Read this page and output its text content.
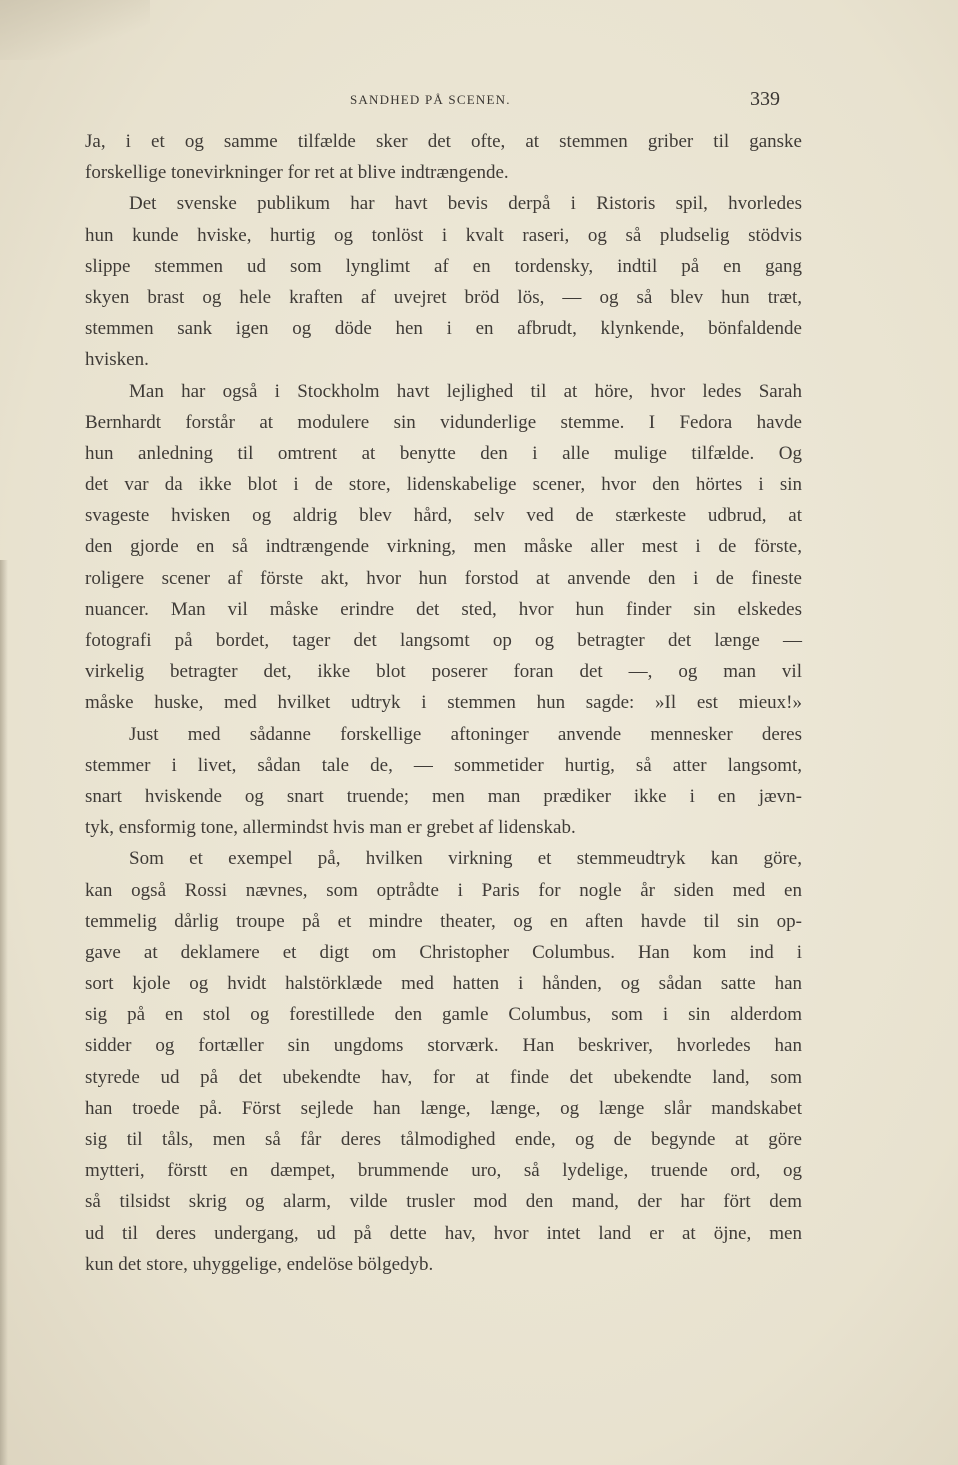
SANDHED PÅ SCENEN.	339
Ja, i et og samme tilfælde sker det ofte, at stemmen griber til ganske
forskellige tonevirkninger for ret at blive indtrængende.
Det svenske publikum har havt bevis derpå i Ristoris spil, hvorledes
hun kunde hviske, hurtig og tonlöst i kvalt raseri, og så pludselig stödvis
slippe stemmen ud som lynglimt af en tordensky, indtil på en gang
skyen brast og hele kraften af uvejret bröd lös, — og så blev hun træt,
stemmen sank igen og döde hen i en afbrudt, klynkende, bönfaldende
hvisken.
Man har også i Stockholm havt lejlighed til at höre, hvor ledes Sarah
Bernhardt forstår at modulere sin vidunderlige stemme. I Fedora havde
hun anledning til omtrent at benytte den i alle mulige tilfælde. Og
det var da ikke blot i de store, lidenskabelige scener, hvor den hörtes i sin
svageste hvisken og aldrig blev hård, selv ved de stærkeste udbrud, at
den gjorde en så indtrængende virkning, men måske aller mest i de förste,
roligere scener af förste akt, hvor hun forstod at anvende den i de fineste
nuancer. Man vil måske erindre det sted, hvor hun finder sin elskedes
fotografi på bordet, tager det langsomt op og betragter det længe —
virkelig betragter det, ikke blot poserer foran det —, og man vil
måske huske, med hvilket udtryk i stemmen hun sagde: »Il est mieux!»
Just med sådanne forskellige aftoninger anvende mennesker deres
stemmer i livet, sådan tale de, — sommetider hurtig, så atter langsomt,
snart hviskende og snart truende; men man prædiker ikke i en jævn-
tyk, ensformig tone, allermindst hvis man er grebet af lidenskab.
Som et exempel på, hvilken virkning et stemmeudtryk kan göre,
kan også Rossi nævnes, som optrådte i Paris for nogle år siden med en
temmelig dårlig troupe på et mindre theater, og en aften havde til sin op-
gave at deklamere et digt om Christopher Columbus. Han kom ind i
sort kjole og hvidt halstörklæde med hatten i hånden, og sådan satte han
sig på en stol og forestillede den gamle Columbus, som i sin alderdom
sidder og fortæller sin ungdoms storværk. Han beskriver, hvorledes han
styrede ud på det ubekendte hav, for at finde det ubekendte land, som
han troede på. Först sejlede han længe, længe, og længe slår mandskabet
sig til tåls, men så får deres tålmodighed ende, og de begynde at göre
mytteri, förstt en dæmpet, brummende uro, så lydelige, truende ord, og
så tilsidst skrig og alarm, vilde trusler mod den mand, der har fört dem
ud til deres undergang, ud på dette hav, hvor intet land er at öjne, men
kun det store, uhyggelige, endelöse bölgedyb.
